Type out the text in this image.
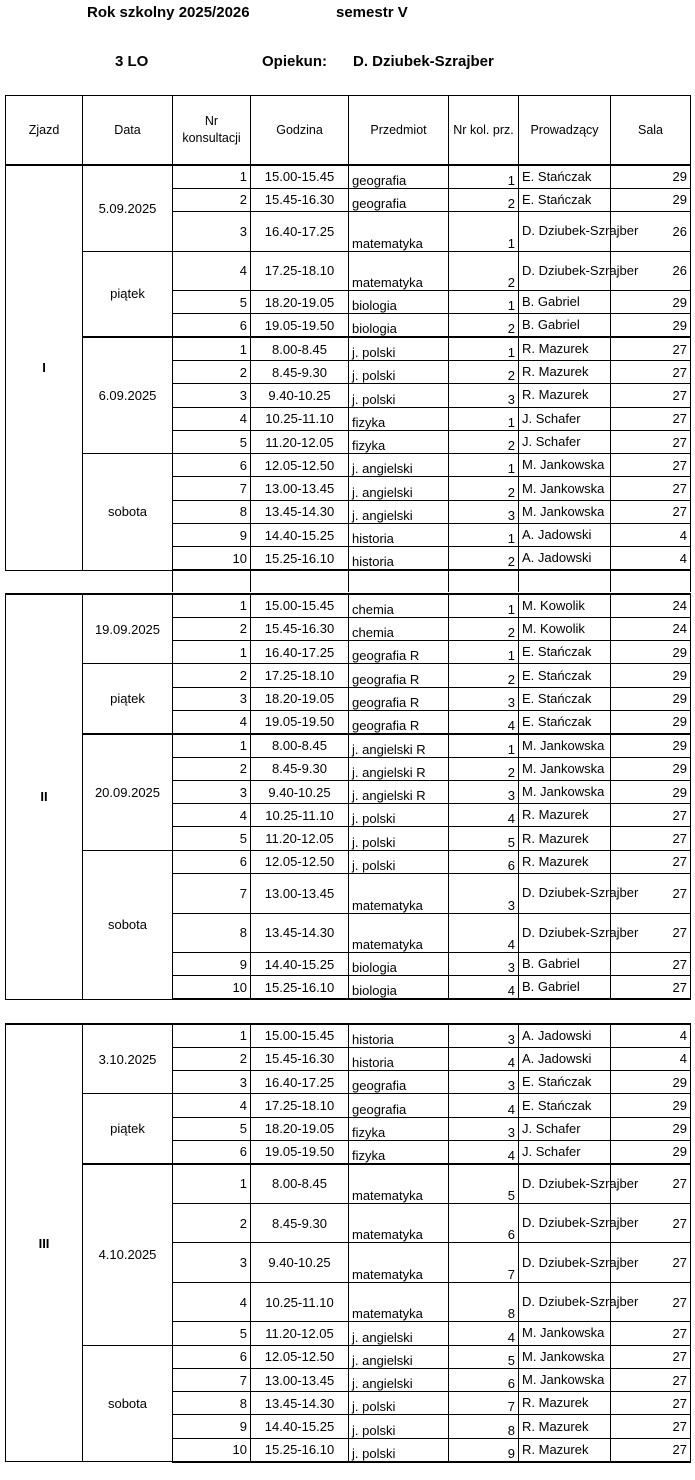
Rok szkolny 2025/2026	semestr V
3 LO	Opiekun: D. Dziubek-Szrajber
Zjazd	Data	Nr konsultacji	Godzina	Przedmiot	Nr kol. prz.	Prowadzący	Sala
I	5.09.2025	1	15.00-15.45	geografia	1	E. Stańczak	29
		2	15.45-16.30	geografia	2	E. Stańczak	29
		3	16.40-17.25	matematyka	1	D. Dziubek-Szrajber	26
	piątek	4	17.25-18.10	matematyka	2	D. Dziubek-Szrajber	26
		5	18.20-19.05	biologia	1	B. Gabriel	29
		6	19.05-19.50	biologia	2	B. Gabriel	29
	6.09.2025	1	8.00-8.45	j. polski	1	R. Mazurek	27
		2	8.45-9.30	j. polski	2	R. Mazurek	27
		3	9.40-10.25	j. polski	3	R. Mazurek	27
		4	10.25-11.10	fizyka	1	J. Schafer	27
		5	11.20-12.05	fizyka	2	J. Schafer	27
	sobota	6	12.05-12.50	j. angielski	1	M. Jankowska	27
		7	13.00-13.45	j. angielski	2	M. Jankowska	27
		8	13.45-14.30	j. angielski	3	M. Jankowska	27
		9	14.40-15.25	historia	1	A. Jadowski	4
		10	15.25-16.10	historia	2	A. Jadowski	4
II	19.09.2025	1	15.00-15.45	chemia	1	M. Kowolik	24
		2	15.45-16.30	chemia	2	M. Kowolik	24
		1	16.40-17.25	geografia R	1	E. Stańczak	29
	piątek	2	17.25-18.10	geografia R	2	E. Stańczak	29
		3	18.20-19.05	geografia R	3	E. Stańczak	29
		4	19.05-19.50	geografia R	4	E. Stańczak	29
	20.09.2025	1	8.00-8.45	j. angielski R	1	M. Jankowska	29
		2	8.45-9.30	j. angielski R	2	M. Jankowska	29
		3	9.40-10.25	j. angielski R	3	M. Jankowska	29
		4	10.25-11.10	j. polski	4	R. Mazurek	27
		5	11.20-12.05	j. polski	5	R. Mazurek	27
	sobota	6	12.05-12.50	j. polski	6	R. Mazurek	27
		7	13.00-13.45	matematyka	3	D. Dziubek-Szrajber	27
		8	13.45-14.30	matematyka	4	D. Dziubek-Szrajber	27
		9	14.40-15.25	biologia	3	B. Gabriel	27
		10	15.25-16.10	biologia	4	B. Gabriel	27
III	3.10.2025	1	15.00-15.45	historia	3	A. Jadowski	4
		2	15.45-16.30	historia	4	A. Jadowski	4
		3	16.40-17.25	geografia	3	E. Stańczak	29
	piątek	4	17.25-18.10	geografia	4	E. Stańczak	29
		5	18.20-19.05	fizyka	3	J. Schafer	29
		6	19.05-19.50	fizyka	4	J. Schafer	29
	4.10.2025	1	8.00-8.45	matematyka	5	D. Dziubek-Szrajber	27
		2	8.45-9.30	matematyka	6	D. Dziubek-Szrajber	27
		3	9.40-10.25	matematyka	7	D. Dziubek-Szrajber	27
		4	10.25-11.10	matematyka	8	D. Dziubek-Szrajber	27
		5	11.20-12.05	j. angielski	4	M. Jankowska	27
	sobota	6	12.05-12.50	j. angielski	5	M. Jankowska	27
		7	13.00-13.45	j. angielski	6	M. Jankowska	27
		8	13.45-14.30	j. polski	7	R. Mazurek	27
		9	14.40-15.25	j. polski	8	R. Mazurek	27
		10	15.25-16.10	j. polski	9	R. Mazurek	27
